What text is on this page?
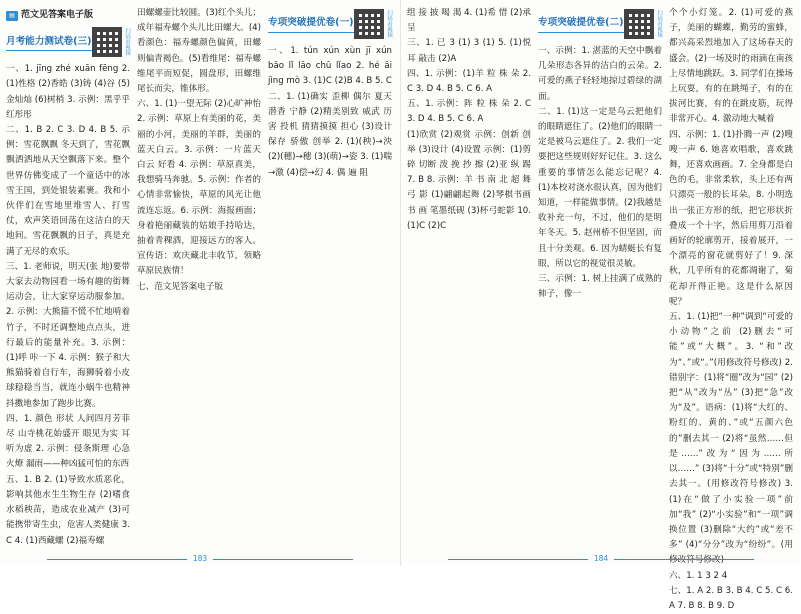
▤ 范文见答案电子版
月考能力测试卷(三)	扫码看视频

一、1. jīng zhé xuān fēng 2. (1)性格 (2)香皓 (3)铸 (4)谷 (5)金灿灿 (6)树梢 3. 示例：黑乎乎 红彤彤

二、1. B 2. C 3. D 4. B 5. 示例：雪花飘飘 冬天到了，雪花飘飘洒洒地从天空飘落下来。整个世界仿佛变成了一个童话中的冰雪王国，到处银装素裹。我和小伙伴们在雪地里堆雪人、打雪仗，欢声笑语回荡在这洁白的天地间。雪花飘飘的日子，真是充满了无尽的欢乐。

三、1. 老师说，明天(张 地)要带大家去动物园看一场有趣的街舞运动会，让大家穿运动服参加。2. 示例：大熊猫不慌不忙地啃着竹子，不时还调整地点点头，进行最后的能量补充。3. 示例：(1)呼 咔一下 4. 示例：猴子和大熊猫骑着自行车，海狮骑着小皮球稳稳当当，就连小蜗牛也精神抖擞地参加了跑步比赛。

四、1. 颜色 形状 人间四月芳菲尽 山寺桃花始盛开 眼见为实 耳听为虚 2. 示例：侵条斯理 心急火燎 漏雨——种凶猛可怕的东西

五、1. B 2. (1)导致水质恶化，影响其他水生生物生存 (2)嗜食水稻秧苗，造成农业减产 (3)可能携带寄生虫，危害人类健康 3. C 4. (1)西藏螺 (2)福寿螺

田螺螺壶比较圆。(3)红个头儿；成年福寿螺个头儿比田螺大。(4)看颜色：福寿螺颜色偏黄，田螺则偏青褐色。(5)看维尾：福寿螺维尾平而短促，圆盘形，田螺维尾长而尖，锥体形。

六、1. (1)一望无际 (2)心旷神怡

2. 示例：草原上有美丽的花，美丽的小河，美丽的羊群，美丽的蓝天白云。3. 示例：一片蓝天 白云 好看 4. 示例：草原真美，我想骑马奔驰。5. 示例：作者的心情非常愉快，草原的风光让他流连忘返。6. 示例：海报画面；身着艳丽藏装的姑娘手持哈达，抽着青稞酒，迎接远方的客人。宣传语：欢庆藏北丰收节，领略草原民族情！

七、范文见答案电子版

专项突破提优卷(一)	扫码看视频

一、1. tún xún xùn jī xún bāo lǐ lāo chū lǐao 2. hé āi jìng mò 3. (1)C (2)B 4. B 5. C

二、1. (1)确实 歪柳 偶尔 夏天 潜香 宁静 (2)精美别致 威武 历害 投机 猜猜摸摸 担心 (3)设计 保存 骄傲 创举 2. (1)(秧)→泱 (2)(穗)→穗 (3)(萌)→姿 3. (1)喘→激 (4)偿→幻 4. 偶 遍 阻

183

组 接 披 喝 渴 4. (1)希 惜 (2)承 呈

三、1. 已 3 (1) 3 (1) 5. (1)悦耳 敲击 (2)A

四、1. 示例：(1)羊 粒 株 朵 2. C 3. D 4. B 5. C 6. A

五、1. 示例：阵 粒 株 朵 2. C 3. D 4. B 5. C 6. A

(1)欣赏 (2)观赏 示例：创新 创举 (3)设计 (4)设置 示例：(1)剪碎 切断 泼 挽 抄 擦 (2)亚 纵 踢 7. B 8. 示例：羊 书 南 北 超 舞 弓 影 (1)翩翩起舞 (2)琴棋书画 书 画 笔墨纸砚 (3)杯弓蛇影 10. (1)C (2)C

专项突破提优卷(二)	扫码看视频

一、示例：1. 湛蓝的天空中飘着几朵形态各异的洁白的云朵。2. 可爱的燕子轻轻地掠过碧绿的湖面。

二、1. (1)这一定是乌云把他们的眼睛遮住了。(2)他们的眼睛一定是被乌云遮住了。2. 我们一定要把这些规则好好记住。3. 这么重要的事情怎么能忘记呢？4. (1)本校对浇水很认真，因为他们知道，一样能做事情。(2)我越是收补充一句，不过，他们的是明年冬天。5. 赵州桥不但坚固，而且十分美观。6. 因为蜻蜓长有复眼，所以它的视觉很灵敏。

三、示例：1. 树上挂满了成熟的柿子，像一

个个小灯笼。2. (1)可爱的燕子，美丽的蝴蝶，勤劳的蜜蜂，都兴高采烈地加入了这场春天的盛会。(2)一场及时的雨滴在南孩上尽情地跳跃。3. 同学们在操场上玩耍，有的在跳绳子，有的在拔河比赛，有的在跳皮筋，玩得非常开心。4. 激动地大喊着

四、示例：1. (1)扑腾一声 (2)嗖嗖一声 6. 她喜欢唱歌，喜欢跳舞，还喜欢画画。7. 全身都是白色的毛，非常柔软，头上还有两只漂亮一般的长耳朵。8. 小明选出一张正方形的纸，把它形状折叠成一个十字，然后用剪刀沿着画好的轮廓剪开，接着展开，一个漂亮的窗花就剪好了！9. 深秋，几乎所有的花都凋谢了，菊花却开得正艳。这是什么原因呢？

五、1. (1)把“一种”调到“可爱的小动物”之前 (2)删去“可能”或“大概”。3. “和”改为“、”或“。”(用修改符号修改) 2. 错别字：(1)将“圈”改为“园” (2)把“从”改为“丛” (3)把“急”改为“及”。语病：(1)将“大红的、粉红的、黄的、”或“五颜六色的”删去其一 (2)将“虽然……但是……”改为“因为……所以……” (3)将“十分”或“特别”删去其一。(用修改符号修改) 3. (1)在“做了小实验一项”前加“我” (2)“小实验”和“一项”调换位置 (3)删除“大约”或“差不多” (4)“分分”改为“纷纷”。(用修改符号修改)

六、1. 1 3 2 4

七、1. A 2. B 3. B 4. C 5. C 6. A 7. B 8. B 9. D

184
